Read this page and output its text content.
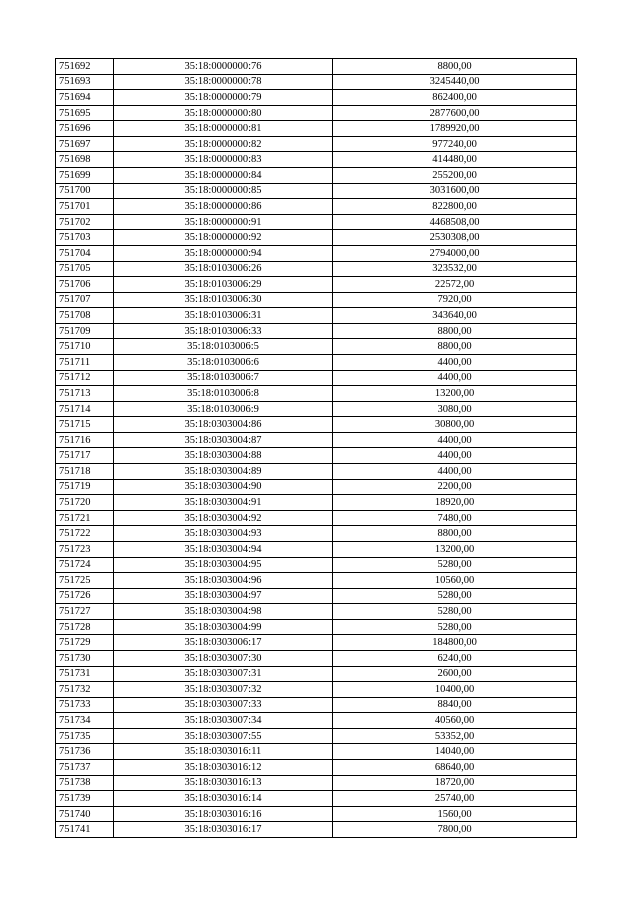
751692	35:18:0000000:76	8800,00
751693	35:18:0000000:78	3245440,00
751694	35:18:0000000:79	862400,00
751695	35:18:0000000:80	2877600,00
751696	35:18:0000000:81	1789920,00
751697	35:18:0000000:82	977240,00
751698	35:18:0000000:83	414480,00
751699	35:18:0000000:84	255200,00
751700	35:18:0000000:85	3031600,00
751701	35:18:0000000:86	822800,00
751702	35:18:0000000:91	4468508,00
751703	35:18:0000000:92	2530308,00
751704	35:18:0000000:94	2794000,00
751705	35:18:0103006:26	323532,00
751706	35:18:0103006:29	22572,00
751707	35:18:0103006:30	7920,00
751708	35:18:0103006:31	343640,00
751709	35:18:0103006:33	8800,00
751710	35:18:0103006:5	8800,00
751711	35:18:0103006:6	4400,00
751712	35:18:0103006:7	4400,00
751713	35:18:0103006:8	13200,00
751714	35:18:0103006:9	3080,00
751715	35:18:0303004:86	30800,00
751716	35:18:0303004:87	4400,00
751717	35:18:0303004:88	4400,00
751718	35:18:0303004:89	4400,00
751719	35:18:0303004:90	2200,00
751720	35:18:0303004:91	18920,00
751721	35:18:0303004:92	7480,00
751722	35:18:0303004:93	8800,00
751723	35:18:0303004:94	13200,00
751724	35:18:0303004:95	5280,00
751725	35:18:0303004:96	10560,00
751726	35:18:0303004:97	5280,00
751727	35:18:0303004:98	5280,00
751728	35:18:0303004:99	5280,00
751729	35:18:0303006:17	184800,00
751730	35:18:0303007:30	6240,00
751731	35:18:0303007:31	2600,00
751732	35:18:0303007:32	10400,00
751733	35:18:0303007:33	8840,00
751734	35:18:0303007:34	40560,00
751735	35:18:0303007:55	53352,00
751736	35:18:0303016:11	14040,00
751737	35:18:0303016:12	68640,00
751738	35:18:0303016:13	18720,00
751739	35:18:0303016:14	25740,00
751740	35:18:0303016:16	1560,00
751741	35:18:0303016:17	7800,00
